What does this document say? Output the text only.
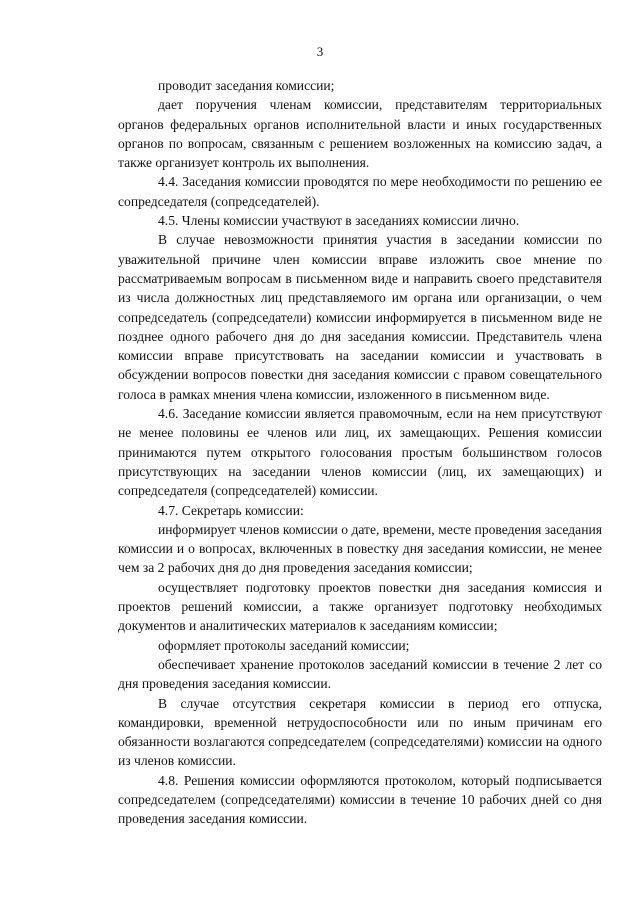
3

проводит заседания комиссии;

дает поручения членам комиссии, представителям территориальных органов федеральных органов исполнительной власти и иных государственных органов по вопросам, связанным с решением возложенных на комиссию задач, а также организует контроль их выполнения.

4.4. Заседания комиссии проводятся по мере необходимости по решению ее сопредседателя (сопредседателей).

4.5. Члены комиссии участвуют в заседаниях комиссии лично.

В случае невозможности принятия участия в заседании комиссии по уважительной причине член комиссии вправе изложить свое мнение по рассматриваемым вопросам в письменном виде и направить своего представителя из числа должностных лиц представляемого им органа или организации, о чем сопредседатель (сопредседатели) комиссии информируется в письменном виде не позднее одного рабочего дня до дня заседания комиссии. Представитель члена комиссии вправе присутствовать на заседании комиссии и участвовать в обсуждении вопросов повестки дня заседания комиссии с правом совещательного голоса в рамках мнения члена комиссии, изложенного в письменном виде.

4.6. Заседание комиссии является правомочным, если на нем присутствуют не менее половины ее членов или лиц, их замещающих. Решения комиссии принимаются путем открытого голосования простым большинством голосов присутствующих на заседании членов комиссии (лиц, их замещающих) и сопредседателя (сопредседателей) комиссии.

4.7. Секретарь комиссии:

информирует членов комиссии о дате, времени, месте проведения заседания комиссии и о вопросах, включенных в повестку дня заседания комиссии, не менее чем за 2 рабочих дня до дня проведения заседания комиссии;

осуществляет подготовку проектов повестки дня заседания комиссия и проектов решений комиссии, а также организует подготовку необходимых документов и аналитических материалов к заседаниям комиссии;

оформляет протоколы заседаний комиссии;

обеспечивает хранение протоколов заседаний комиссии в течение 2 лет со дня проведения заседания комиссии.

В случае отсутствия секретаря комиссии в период его отпуска, командировки, временной нетрудоспособности или по иным причинам его обязанности возлагаются сопредседателем (сопредседателями) комиссии на одного из членов комиссии.

4.8. Решения комиссии оформляются протоколом, который подписывается сопредседателем (сопредседателями) комиссии в течение 10 рабочих дней со дня проведения заседания комиссии.
